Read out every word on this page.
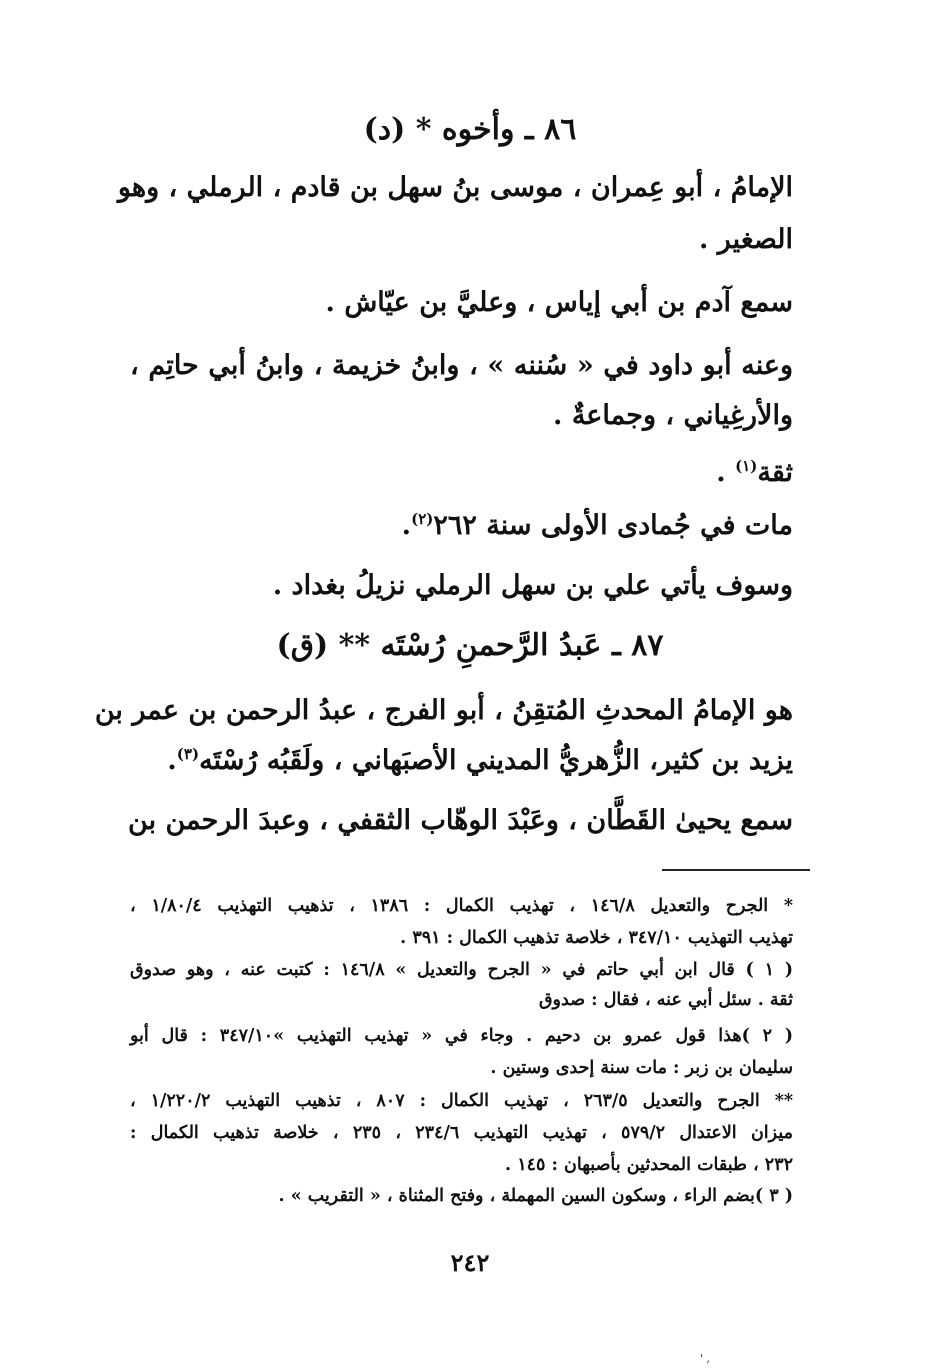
٨٦ ـ وأخوه * (د)
الإمامُ ، أبو عِمران ، موسى بنُ سهل بن قادم ، الرملي ، وهو
الصغير .
سمع آدم بن أبي إياس ، وعليَّ بن عيّاش .
وعنه أبو داود في « سُننه » ، وابنُ خزيمة ، وابنُ أبي حاتِم ،
والأرغِياني ، وجماعةٌ .
ثقة$^{(١)}$ .
مات في جُمادى الأولى سنة ٢٦٢$^{(٢)}$.
وسوف يأتي علي بن سهل الرملي نزيلُ بغداد .
٨٧ ـ عَبدُ الرَّحمنِ رُسْتَه ** (ق)
هو الإمامُ المحدثِ المُتقِنُ ، أبو الفرج ، عبدُ الرحمن بن عمر بن
يزيد بن كثير، الزُّهريُّ المديني الأصبَهاني ، ولَقَبُه رُسْتَه$^{(٣)}$.
سمع يحيىٰ القَطَّان ، وعَبْدَ الوهّاب الثقفي ، وعبدَ الرحمن بن
* الجرح والتعديل ١٤٦/٨ ، تهذيب الكمال : ١٣٨٦ ، تذهيب التهذيب ١/٨٠/٤ ،
تهذيب التهذيب ٣٤٧/١٠ ، خلاصة تذهيب الكمال : ٣٩١ .
( ١ ) قال ابن أبي حاتم في « الجرح والتعديل » ١٤٦/٨ : كتبت عنه ، وهو صدوق
ثقة . سئل أبي عنه ، فقال : صدوق
( ٢ )هذا قول عمرو بن دحيم . وجاء في « تهذيب التهذيب »٣٤٧/١٠ : قال أبو
سليمان بن زبر : مات سنة إحدى وستين .
** الجرح والتعديل ٢٦٣/٥ ، تهذيب الكمال : ٨٠٧ ، تذهيب التهذيب ١/٢٢٠/٢ ،
ميزان الاعتدال ٥٧٩/٢ ، تهذيب التهذيب ٢٣٤/٦ ، ٢٣٥ ، خلاصة تذهيب الكمال :
٢٣٢ ، طبقات المحدثين بأصبهان : ١٤٥ .
( ٣ )بضم الراء ، وسكون السين المهملة ، وفتح المثناة ، « التقريب » .
٢٤٢
' ,
